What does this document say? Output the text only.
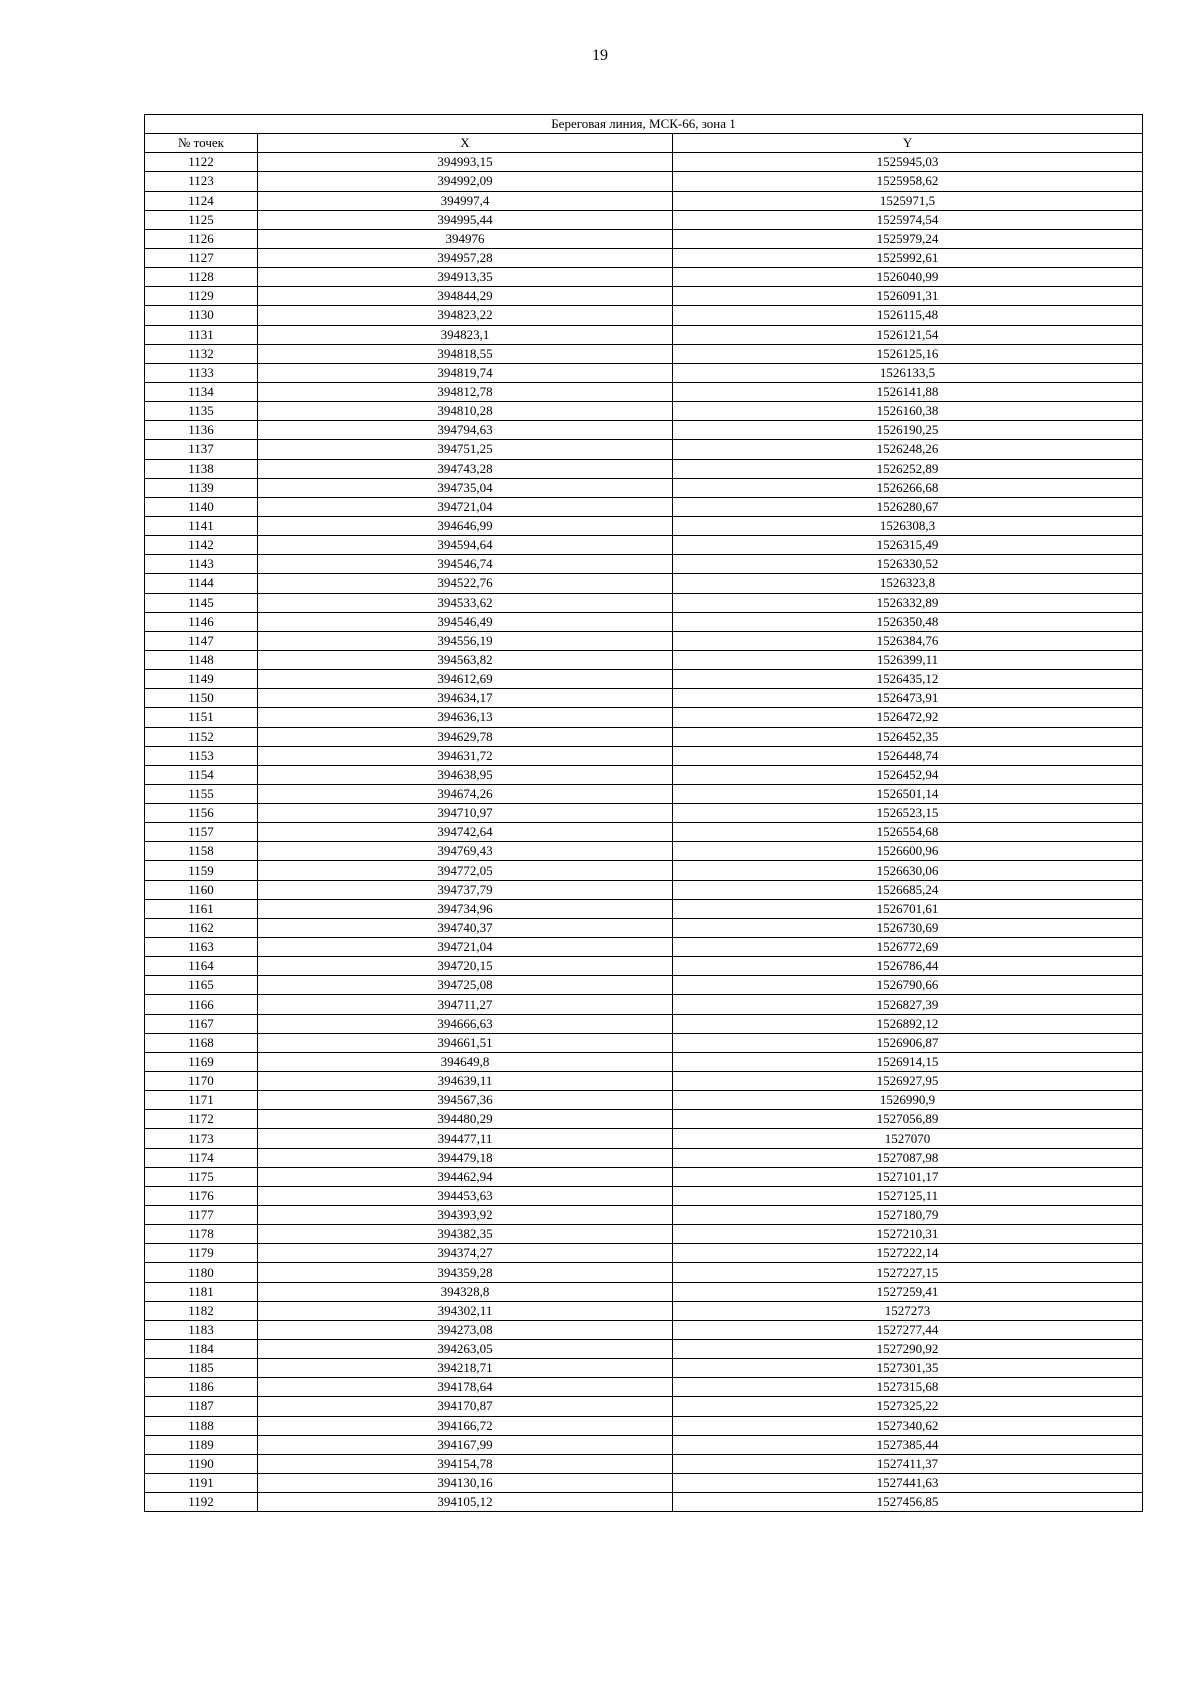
19
Береговая линия, МСК-66, зона 1		
№ точек	X	Y
1122	394993,15	1525945,03
1123	394992,09	1525958,62
1124	394997,4	1525971,5
1125	394995,44	1525974,54
1126	394976	1525979,24
1127	394957,28	1525992,61
1128	394913,35	1526040,99
1129	394844,29	1526091,31
1130	394823,22	1526115,48
1131	394823,1	1526121,54
1132	394818,55	1526125,16
1133	394819,74	1526133,5
1134	394812,78	1526141,88
1135	394810,28	1526160,38
1136	394794,63	1526190,25
1137	394751,25	1526248,26
1138	394743,28	1526252,89
1139	394735,04	1526266,68
1140	394721,04	1526280,67
1141	394646,99	1526308,3
1142	394594,64	1526315,49
1143	394546,74	1526330,52
1144	394522,76	1526323,8
1145	394533,62	1526332,89
1146	394546,49	1526350,48
1147	394556,19	1526384,76
1148	394563,82	1526399,11
1149	394612,69	1526435,12
1150	394634,17	1526473,91
1151	394636,13	1526472,92
1152	394629,78	1526452,35
1153	394631,72	1526448,74
1154	394638,95	1526452,94
1155	394674,26	1526501,14
1156	394710,97	1526523,15
1157	394742,64	1526554,68
1158	394769,43	1526600,96
1159	394772,05	1526630,06
1160	394737,79	1526685,24
1161	394734,96	1526701,61
1162	394740,37	1526730,69
1163	394721,04	1526772,69
1164	394720,15	1526786,44
1165	394725,08	1526790,66
1166	394711,27	1526827,39
1167	394666,63	1526892,12
1168	394661,51	1526906,87
1169	394649,8	1526914,15
1170	394639,11	1526927,95
1171	394567,36	1526990,9
1172	394480,29	1527056,89
1173	394477,11	1527070
1174	394479,18	1527087,98
1175	394462,94	1527101,17
1176	394453,63	1527125,11
1177	394393,92	1527180,79
1178	394382,35	1527210,31
1179	394374,27	1527222,14
1180	394359,28	1527227,15
1181	394328,8	1527259,41
1182	394302,11	1527273
1183	394273,08	1527277,44
1184	394263,05	1527290,92
1185	394218,71	1527301,35
1186	394178,64	1527315,68
1187	394170,87	1527325,22
1188	394166,72	1527340,62
1189	394167,99	1527385,44
1190	394154,78	1527411,37
1191	394130,16	1527441,63
1192	394105,12	1527456,85
